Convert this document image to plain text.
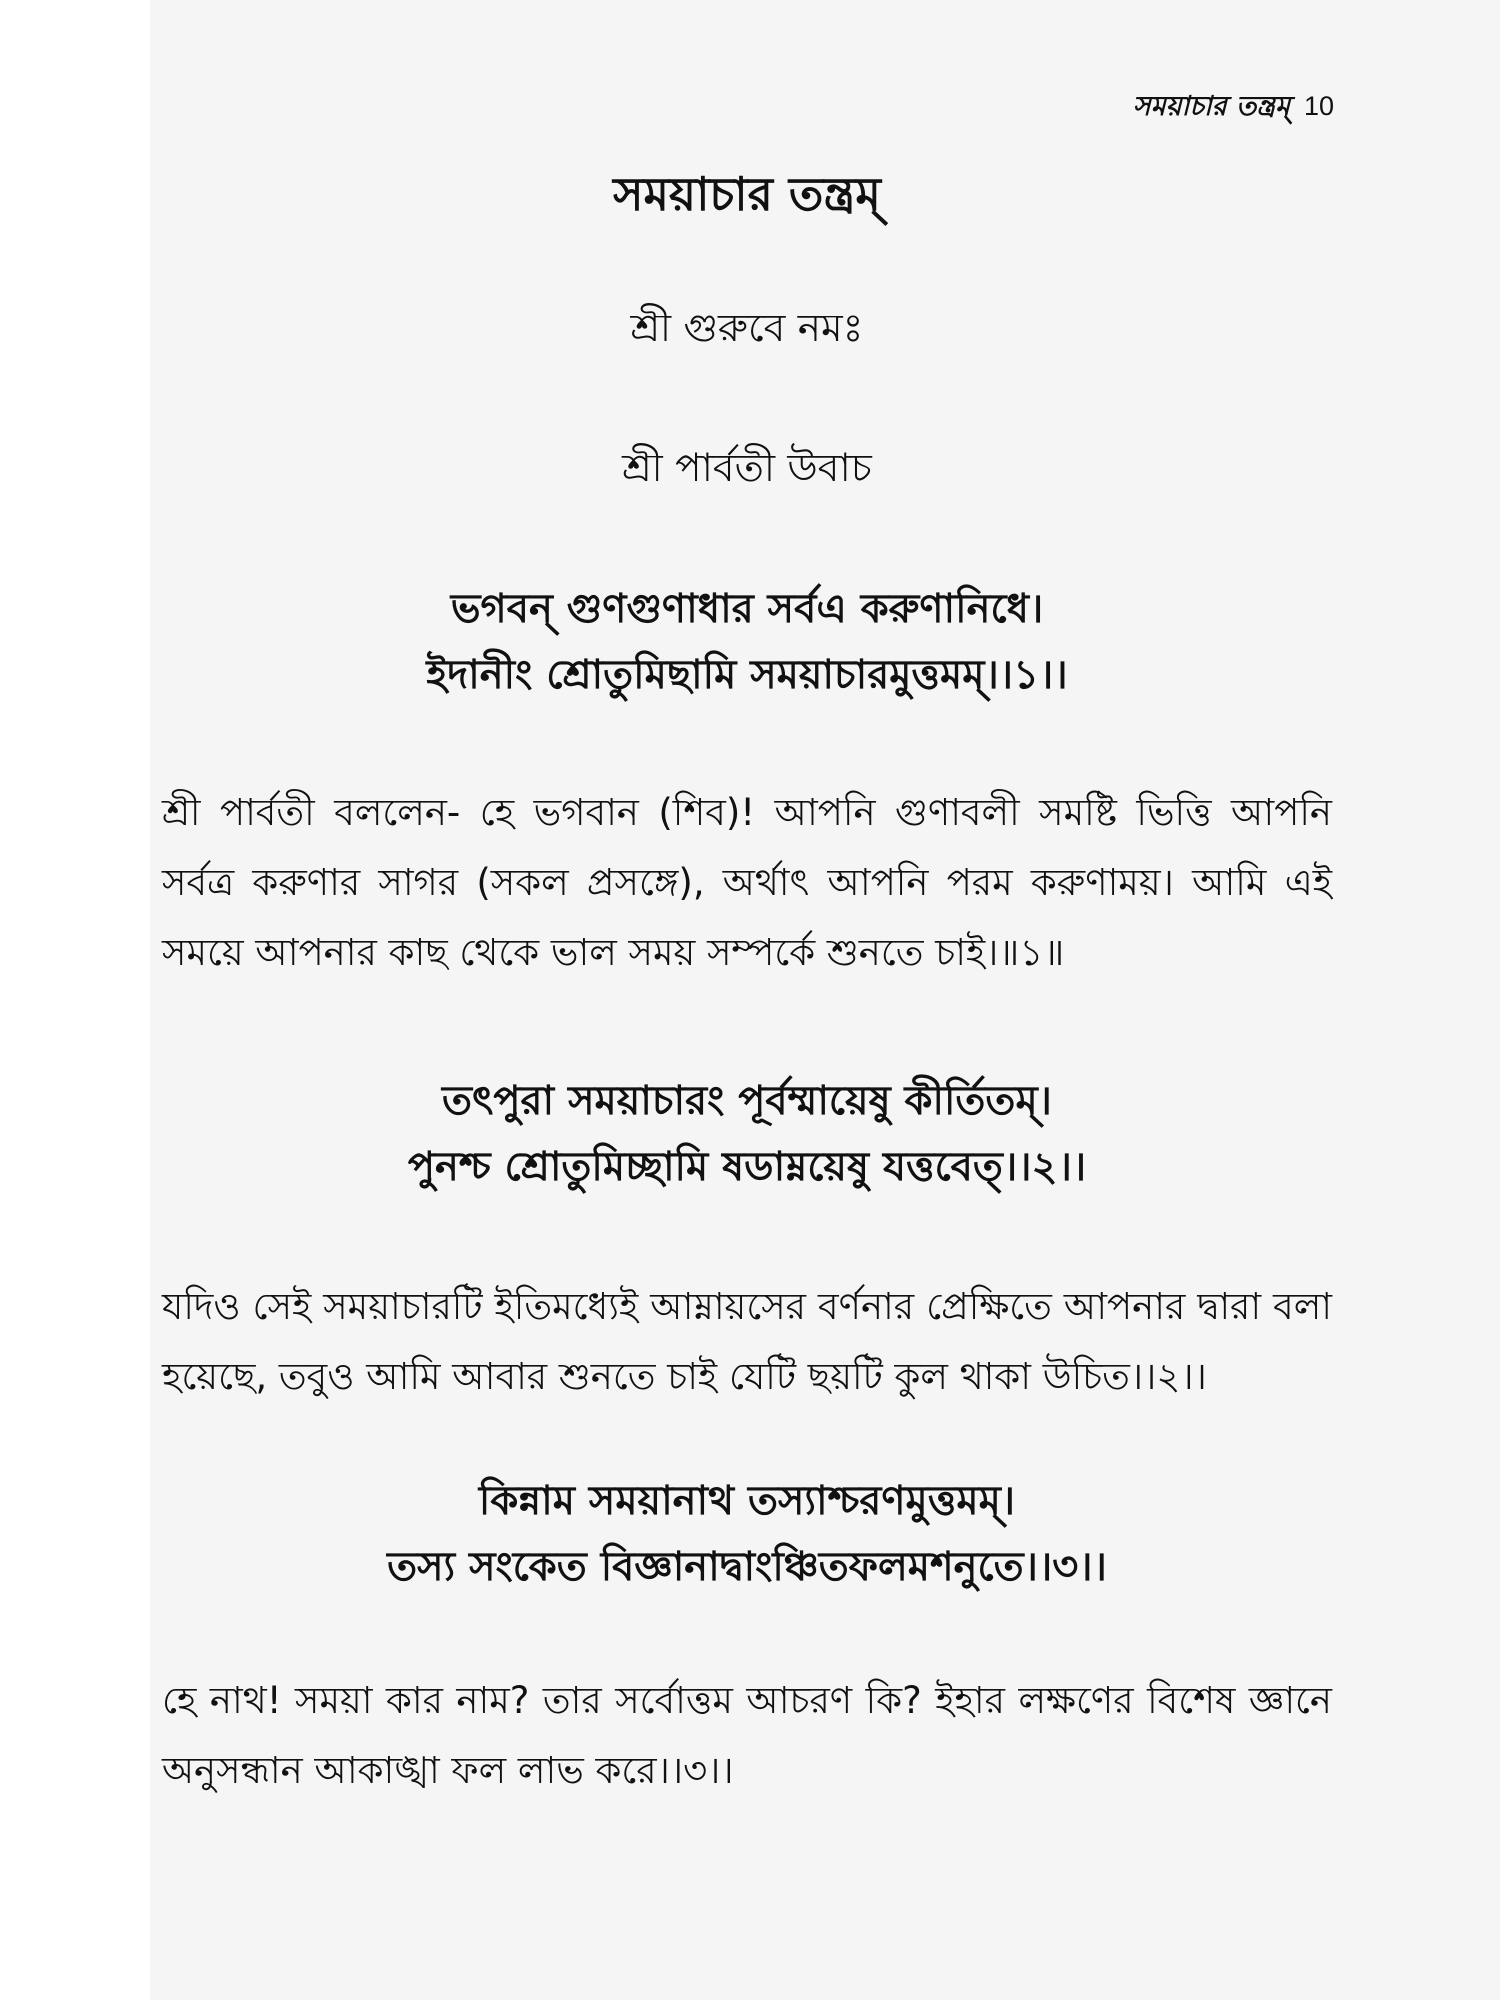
সময়াচার তন্ত্রম্ 10
সময়াচার তন্ত্রম্

শ্রী গুরুবে নমঃ

শ্রী পার্বতী উবাচ

ভগবন্ গুণগুণাধার সর্বএ করুণানিধে।
ইদানীং শ্রোতুমিছামি সময়াচারমুত্তমম্।।১।।
শ্রী পার্বতী বললেন- হে ভগবান (শিব)! আপনি গুণাবলী সমষ্টি ভিত্তি আপনি সর্বত্র করুণার সাগর (সকল প্রসঙ্গে), অর্থাৎ আপনি পরম করুণাময়। আমি এই সময়ে আপনার কাছ থেকে ভাল সময় সম্পর্কে শুনতে চাই।॥১॥
তৎপুরা সময়াচারং পূর্বম্মায়েষু কীর্তিতম্।
পুনশ্চ শ্রোতুমিচ্ছামি ষডাম্নয়েষু যত্তবেত্।।২।।
যদিও সেই সময়াচারটি ইতিমধ্যেই আম্নায়সের বর্ণনার প্রেক্ষিতে আপনার দ্বারা বলা হয়েছে, তবুও আমি আবার শুনতে চাই যেটি ছয়টি কুল থাকা উচিত।।২।।
কিন্নাম সময়ানাথ তস্যাশ্চরণমুত্তমম্।
তস্য সংকেত বিজ্ঞানাদ্বাংঞ্চিতফলমশনুতে।।৩।।
হে নাথ! সময়া কার নাম? তার সর্বোত্তম আচরণ কি? ইহার লক্ষণের বিশেষ জ্ঞানে অনুসন্ধান আকাঙ্খা ফল লাভ করে।।৩।।
